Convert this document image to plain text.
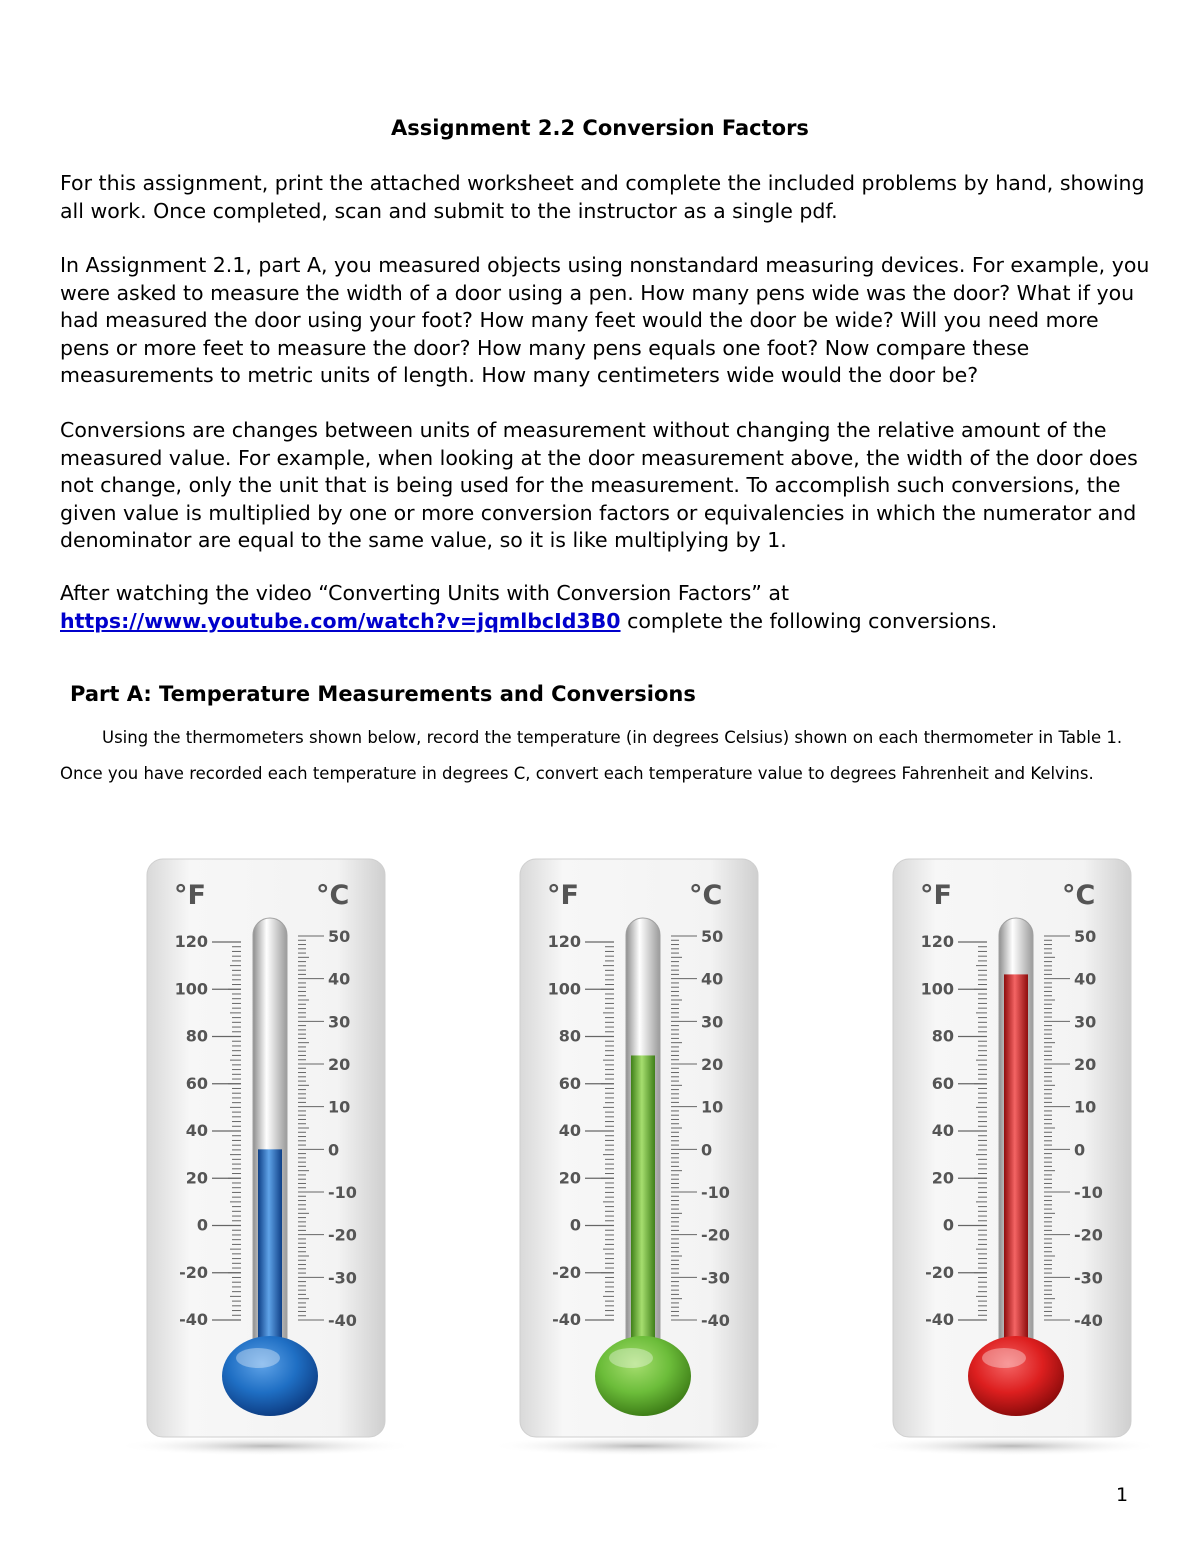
Assignment 2.2 Conversion Factors
For this assignment, print the attached worksheet and complete the included problems by hand, showing all work. Once completed, scan and submit to the instructor as a single pdf.
In Assignment 2.1, part A, you measured objects using nonstandard measuring devices. For example, you were asked to measure the width of a door using a pen. How many pens wide was the door? What if you had measured the door using your foot? How many feet would the door be wide? Will you need more pens or more feet to measure the door? How many pens equals one foot? Now compare these measurements to metric units of length. How many centimeters wide would the door be?
Conversions are changes between units of measurement without changing the relative amount of the measured value. For example, when looking at the door measurement above, the width of the door does not change, only the unit that is being used for the measurement. To accomplish such conversions, the given value is multiplied by one or more conversion factors or equivalencies in which the numerator and denominator are equal to the same value, so it is like multiplying by 1.
After watching the video “Converting Units with Conversion Factors” at
https://www.youtube.com/watch?v=jqmlbcId3B0 complete the following conversions.
Part A: Temperature Measurements and Conversions
Using the thermometers shown below, record the temperature (in degrees Celsius) shown on each thermometer in Table 1. Once you have recorded each temperature in degrees C, convert each temperature value to degrees Fahrenheit and Kelvins.
°F	°C
120
100
80
60
40
20
0
-20
-40
50
40
30
20
10
0
-10
-20
-30
-40
°F	°C
120
100
80
60
40
20
0
-20
-40
50
40
30
20
10
0
-10
-20
-30
-40
°F	°C
120
100
80
60
40
20
0
-20
-40
50
40
30
20
10
0
-10
-20
-30
-40
1
